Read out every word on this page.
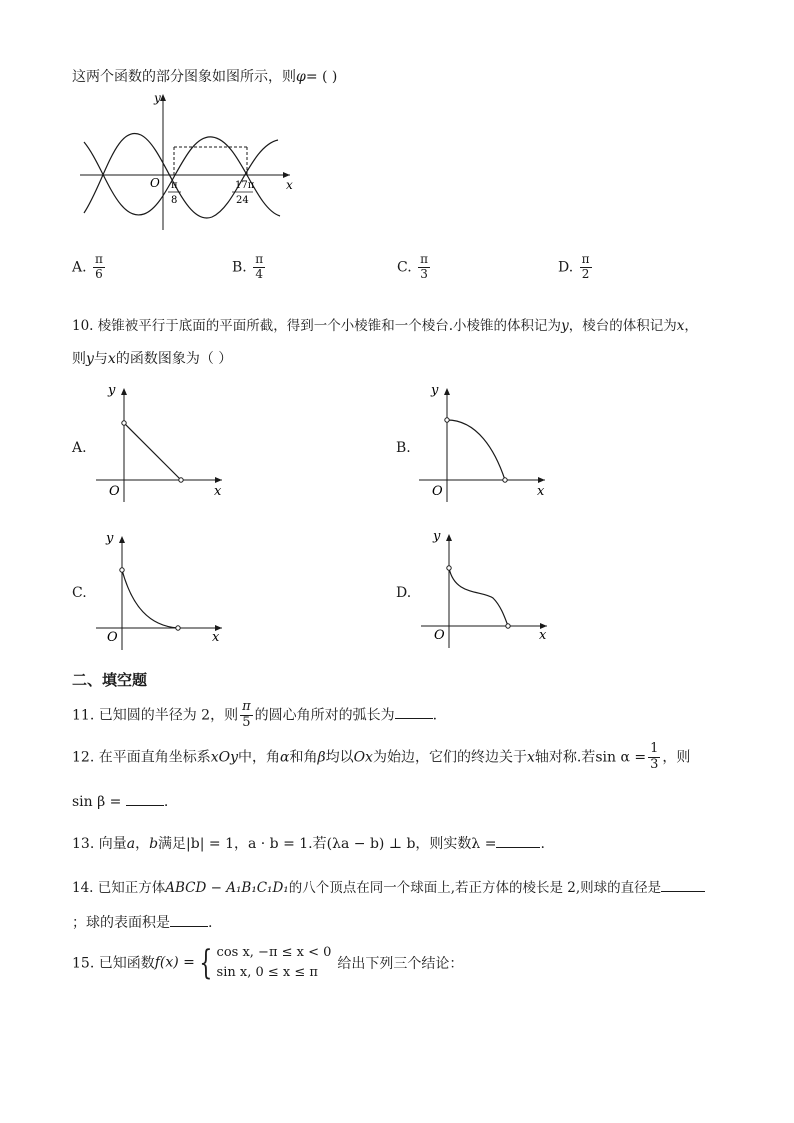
这两个函数的部分图象如图所示，则φ= ( )
y
x
O π
8
17π
24
A. $\frac{\pi}{6}$	B. $\frac{\pi}{4}$	C. $\frac{\pi}{3}$	D. $\frac{\pi}{2}$
10. 棱锥被平行于底面的平面所截，得到一个小棱锥和一个棱台.小棱锥的体积记为y，棱台的体积记为x，
则y与x的函数图象为（ ）
A.	B.
C.	D.
y
x
O
y
x
O
y
x
O
y
x
O
二、填空题
11. 已知圆的半径为 2，则 $\frac{\pi}{5}$ 的圆心角所对的弧长为	.
12. 在平面直角坐标系xOy中，角α和角β均以Ox为始边，它们的终边关于x轴对称.若$\sin \alpha = \frac{1}{3}$ ，则
sin β =	.
13. 向量a，b满足|b| = 1，a · b = 1.若(λa − b) ⊥ b，则实数λ =	.
14. 已知正方体ABCD − A₁B₁C₁D₁的八个顶点在同一个球面上,若正方体的棱长是 2,则球的直径是
；球的表面积是	.
15. 已知函数f(x) = { cos x, −π ≤ x < 0
sin x, 0 ≤ x ≤ π
给出下列三个结论：
